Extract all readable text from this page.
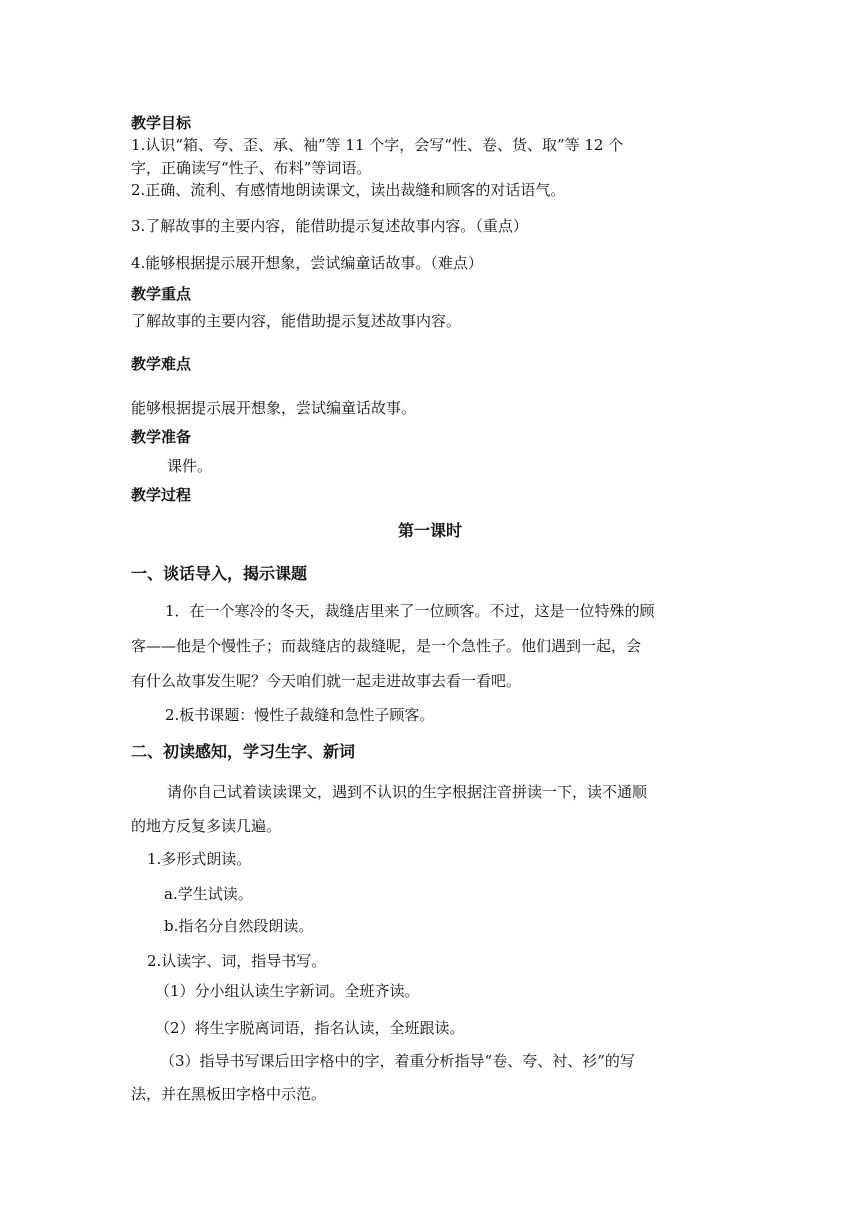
教学目标

1.认识“箱、夸、歪、承、袖”等 11 个字，会写“性、卷、货、取”等 12 个

字，正确读写“性子、布料”等词语。

2.正确、流利、有感情地朗读课文，读出裁缝和顾客的对话语气。

3.了解故事的主要内容，能借助提示复述故事内容。（重点）

4.能够根据提示展开想象，尝试编童话故事。（难点）

教学重点

了解故事的主要内容，能借助提示复述故事内容。

教学难点

能够根据提示展开想象，尝试编童话故事。

教学准备

课件。

教学过程

第一课时

一、谈话导入，揭示课题

1．在一个寒冷的冬天，裁缝店里来了一位顾客。不过，这是一位特殊的顾

客——他是个慢性子；而裁缝店的裁缝呢，是一个急性子。他们遇到一起，会

有什么故事发生呢？今天咱们就一起走进故事去看一看吧。

2.板书课题：慢性子裁缝和急性子顾客。

二、初读感知，学习生字、新词

请你自己试着读读课文，遇到不认识的生字根据注音拼读一下，读不通顺

的地方反复多读几遍。

1.多形式朗读。

a.学生试读。

b.指名分自然段朗读。

2.认读字、词，指导书写。

（1）分小组认读生字新词。全班齐读。

（2）将生字脱离词语，指名认读，全班跟读。

（3）指导书写课后田字格中的字，着重分析指导“卷、夸、衬、衫”的写

法，并在黑板田字格中示范。
